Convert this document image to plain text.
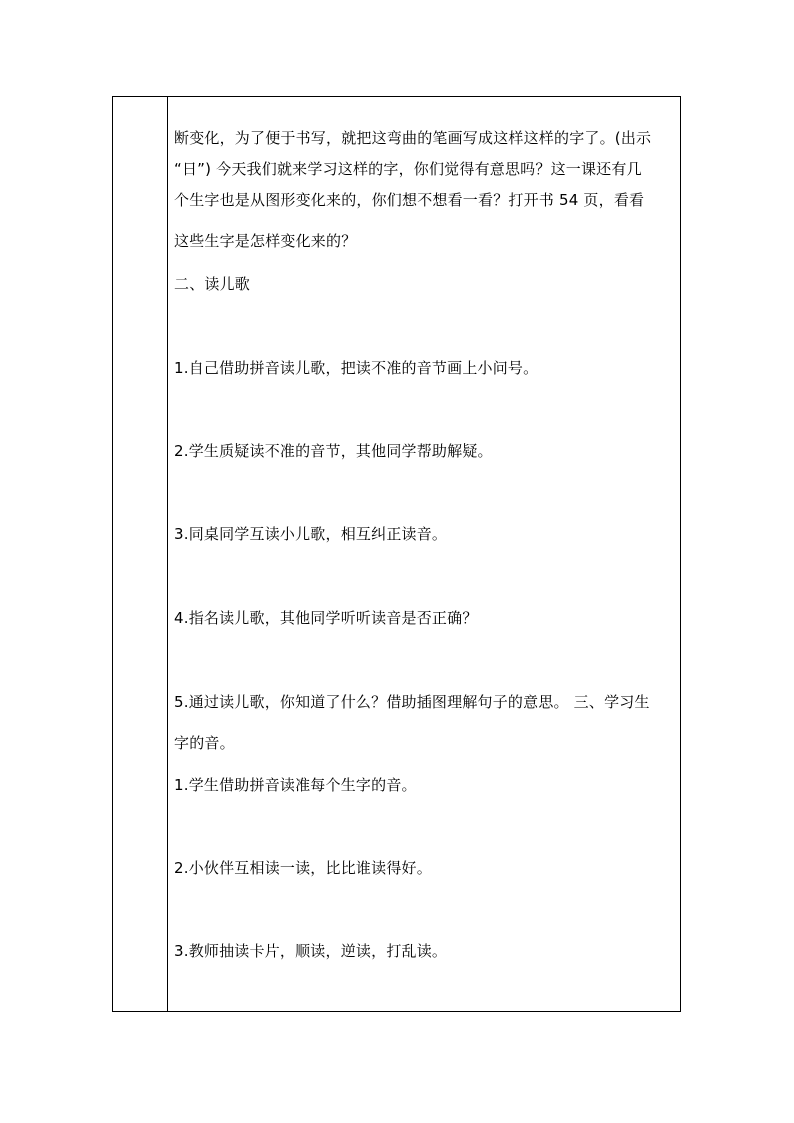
断变化，为了便于书写，就把这弯曲的笔画写成这样这样的字了。(出示
“日”) 今天我们就来学习这样的字，你们觉得有意思吗？这一课还有几
个生字也是从图形变化来的，你们想不想看一看？打开书 54 页，看看
这些生字是怎样变化来的？
二、读儿歌
1.自己借助拼音读儿歌，把读不准的音节画上小问号。
2.学生质疑读不准的音节，其他同学帮助解疑。
3.同桌同学互读小儿歌，相互纠正读音。
4.指名读儿歌，其他同学听听读音是否正确？
5.通过读儿歌，你知道了什么？借助插图理解句子的意思。 三、学习生
字的音。
1.学生借助拼音读准每个生字的音。
2.小伙伴互相读一读，比比谁读得好。
3.教师抽读卡片，顺读，逆读，打乱读。
